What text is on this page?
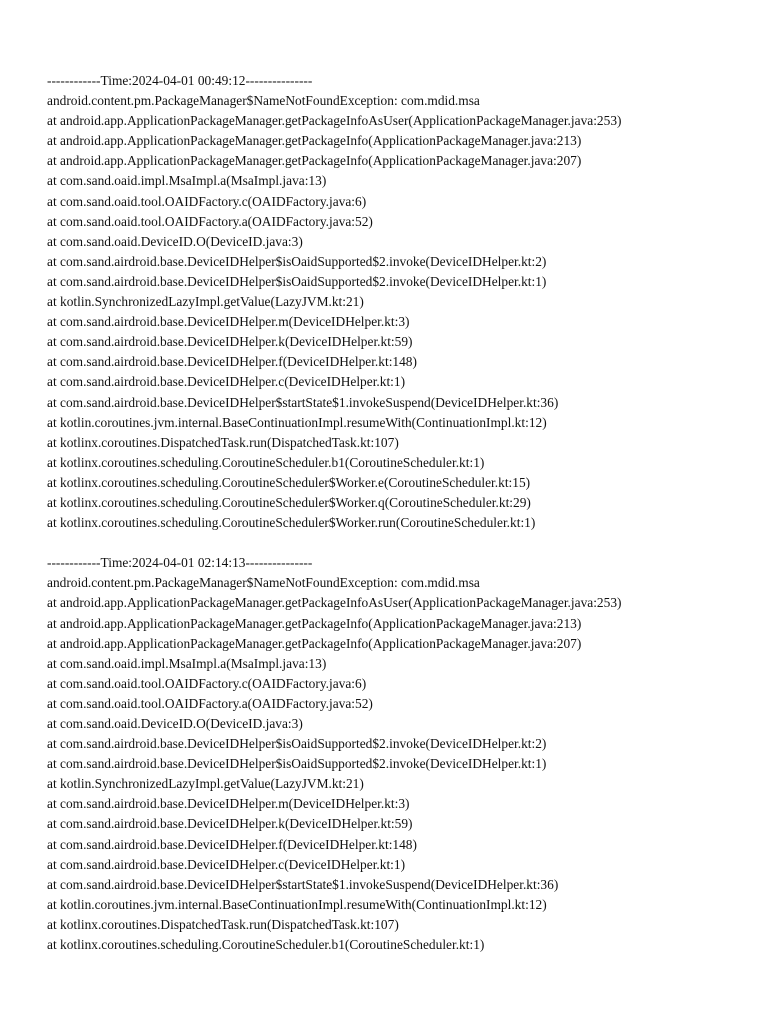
------------Time:2024-04-01 00:49:12---------------
android.content.pm.PackageManager$NameNotFoundException: com.mdid.msa
at android.app.ApplicationPackageManager.getPackageInfoAsUser(ApplicationPackageManager.java:253)
at android.app.ApplicationPackageManager.getPackageInfo(ApplicationPackageManager.java:213)
at android.app.ApplicationPackageManager.getPackageInfo(ApplicationPackageManager.java:207)
at com.sand.oaid.impl.MsaImpl.a(MsaImpl.java:13)
at com.sand.oaid.tool.OAIDFactory.c(OAIDFactory.java:6)
at com.sand.oaid.tool.OAIDFactory.a(OAIDFactory.java:52)
at com.sand.oaid.DeviceID.O(DeviceID.java:3)
at com.sand.airdroid.base.DeviceIDHelper$isOaidSupported$2.invoke(DeviceIDHelper.kt:2)
at com.sand.airdroid.base.DeviceIDHelper$isOaidSupported$2.invoke(DeviceIDHelper.kt:1)
at kotlin.SynchronizedLazyImpl.getValue(LazyJVM.kt:21)
at com.sand.airdroid.base.DeviceIDHelper.m(DeviceIDHelper.kt:3)
at com.sand.airdroid.base.DeviceIDHelper.k(DeviceIDHelper.kt:59)
at com.sand.airdroid.base.DeviceIDHelper.f(DeviceIDHelper.kt:148)
at com.sand.airdroid.base.DeviceIDHelper.c(DeviceIDHelper.kt:1)
at com.sand.airdroid.base.DeviceIDHelper$startState$1.invokeSuspend(DeviceIDHelper.kt:36)
at kotlin.coroutines.jvm.internal.BaseContinuationImpl.resumeWith(ContinuationImpl.kt:12)
at kotlinx.coroutines.DispatchedTask.run(DispatchedTask.kt:107)
at kotlinx.coroutines.scheduling.CoroutineScheduler.b1(CoroutineScheduler.kt:1)
at kotlinx.coroutines.scheduling.CoroutineScheduler$Worker.e(CoroutineScheduler.kt:15)
at kotlinx.coroutines.scheduling.CoroutineScheduler$Worker.q(CoroutineScheduler.kt:29)
at kotlinx.coroutines.scheduling.CoroutineScheduler$Worker.run(CoroutineScheduler.kt:1)
------------Time:2024-04-01 02:14:13---------------
android.content.pm.PackageManager$NameNotFoundException: com.mdid.msa
at android.app.ApplicationPackageManager.getPackageInfoAsUser(ApplicationPackageManager.java:253)
at android.app.ApplicationPackageManager.getPackageInfo(ApplicationPackageManager.java:213)
at android.app.ApplicationPackageManager.getPackageInfo(ApplicationPackageManager.java:207)
at com.sand.oaid.impl.MsaImpl.a(MsaImpl.java:13)
at com.sand.oaid.tool.OAIDFactory.c(OAIDFactory.java:6)
at com.sand.oaid.tool.OAIDFactory.a(OAIDFactory.java:52)
at com.sand.oaid.DeviceID.O(DeviceID.java:3)
at com.sand.airdroid.base.DeviceIDHelper$isOaidSupported$2.invoke(DeviceIDHelper.kt:2)
at com.sand.airdroid.base.DeviceIDHelper$isOaidSupported$2.invoke(DeviceIDHelper.kt:1)
at kotlin.SynchronizedLazyImpl.getValue(LazyJVM.kt:21)
at com.sand.airdroid.base.DeviceIDHelper.m(DeviceIDHelper.kt:3)
at com.sand.airdroid.base.DeviceIDHelper.k(DeviceIDHelper.kt:59)
at com.sand.airdroid.base.DeviceIDHelper.f(DeviceIDHelper.kt:148)
at com.sand.airdroid.base.DeviceIDHelper.c(DeviceIDHelper.kt:1)
at com.sand.airdroid.base.DeviceIDHelper$startState$1.invokeSuspend(DeviceIDHelper.kt:36)
at kotlin.coroutines.jvm.internal.BaseContinuationImpl.resumeWith(ContinuationImpl.kt:12)
at kotlinx.coroutines.DispatchedTask.run(DispatchedTask.kt:107)
at kotlinx.coroutines.scheduling.CoroutineScheduler.b1(CoroutineScheduler.kt:1)
